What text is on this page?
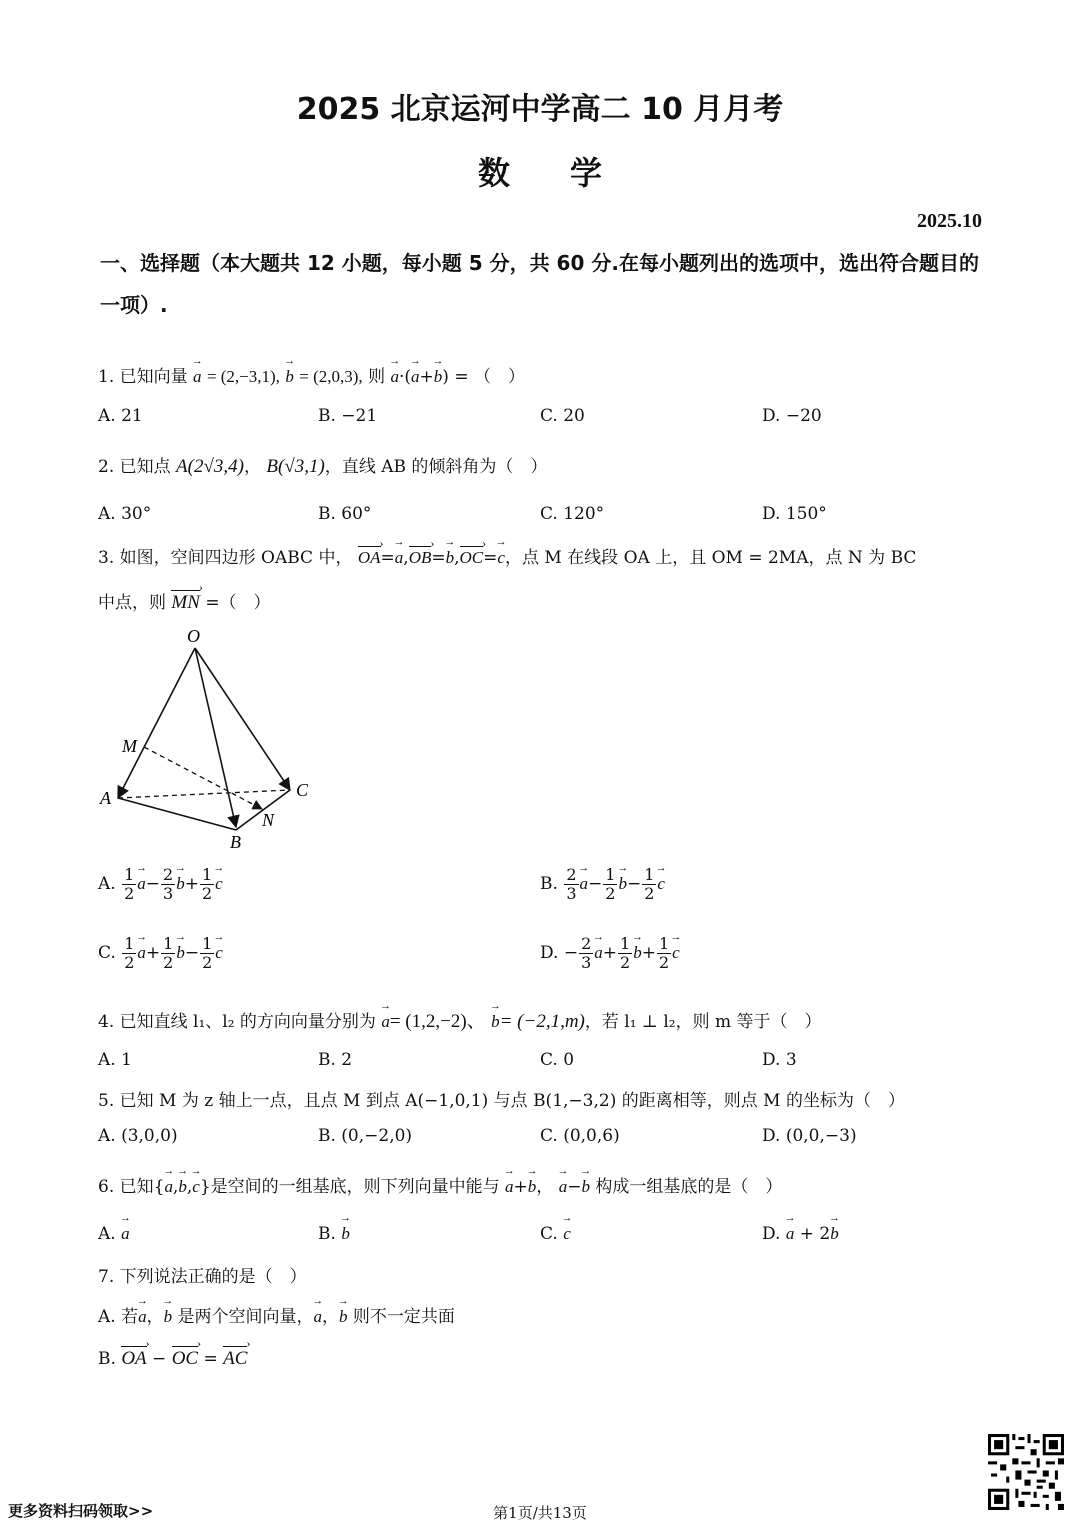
2025 北京运河中学高二 10 月月考
数学
2025.10
一、选择题（本大题共 12 小题，每小题 5 分，共 60 分.在每小题列出的选项中，选出符合题目的一项）.
1. 已知向量 → a = (2,−3,1), → b = (2,0,3), 则 → a·(→ a+→ b) = （　）
A. 21	B. −21	C. 20	D. −20
2. 已知点 A(2√3,4)， B(√3,1)，直线 AB 的倾斜角为（　）
A. 30°	B. 60°	C. 120°	D. 150°
3. 如图，空间四边形 OABC 中， OA ›=→ a,OB ›=→ b,OC ›=→ c，点 M 在线段 OA 上，且 OM = 2MA，点 N 为 BC
中点，则 MN › =（　）
O
M
A
B
C
N
A. $\frac{1}{2}$
→ $a- \frac{2}{3}$
→ $b+ \frac{1}{2}$
→ c	B. $\frac{2}{3}$
→ $a- \frac{1}{2}$
→ $b- \frac{1}{2}$
→ c
C. $\frac{1}{2}$
→ $a+ \frac{1}{2}$
→ $b- \frac{1}{2}$
→ c	D. − $\frac{2}{3}$
→ $a+ \frac{1}{2}$
→ $b+ \frac{1}{2}$
→ c
4. 已知直线 l₁、l₂ 的方向向量分别为 → a= (1,2,−2)、 → b= (−2,1,m)，若 l₁ ⊥ l₂，则 m 等于（　）
A. 1	B. 2	C. 0	D. 3
5. 已知 M 为 z 轴上一点，且点 M 到点 A(−1,0,1) 与点 B(1,−3,2) 的距离相等，则点 M 的坐标为（　）
A. (3,0,0)	B. (0,−2,0)	C. (0,0,6)	D. (0,0,−3)
6. 已知{→ a,→ b,→ c}是空间的一组基底，则下列向量中能与 → a+→ b， → a−→ b 构成一组基底的是（　）
A. → a	B. → b	C. → c	D. → a + 2→ b
7. 下列说法正确的是（　）
A. 若→ a，→ b 是两个空间向量，→ a，→ b 则不一定共面
B. OA › − OC › = AC ›
更多资料扫码领取>>	第1页/共13页
